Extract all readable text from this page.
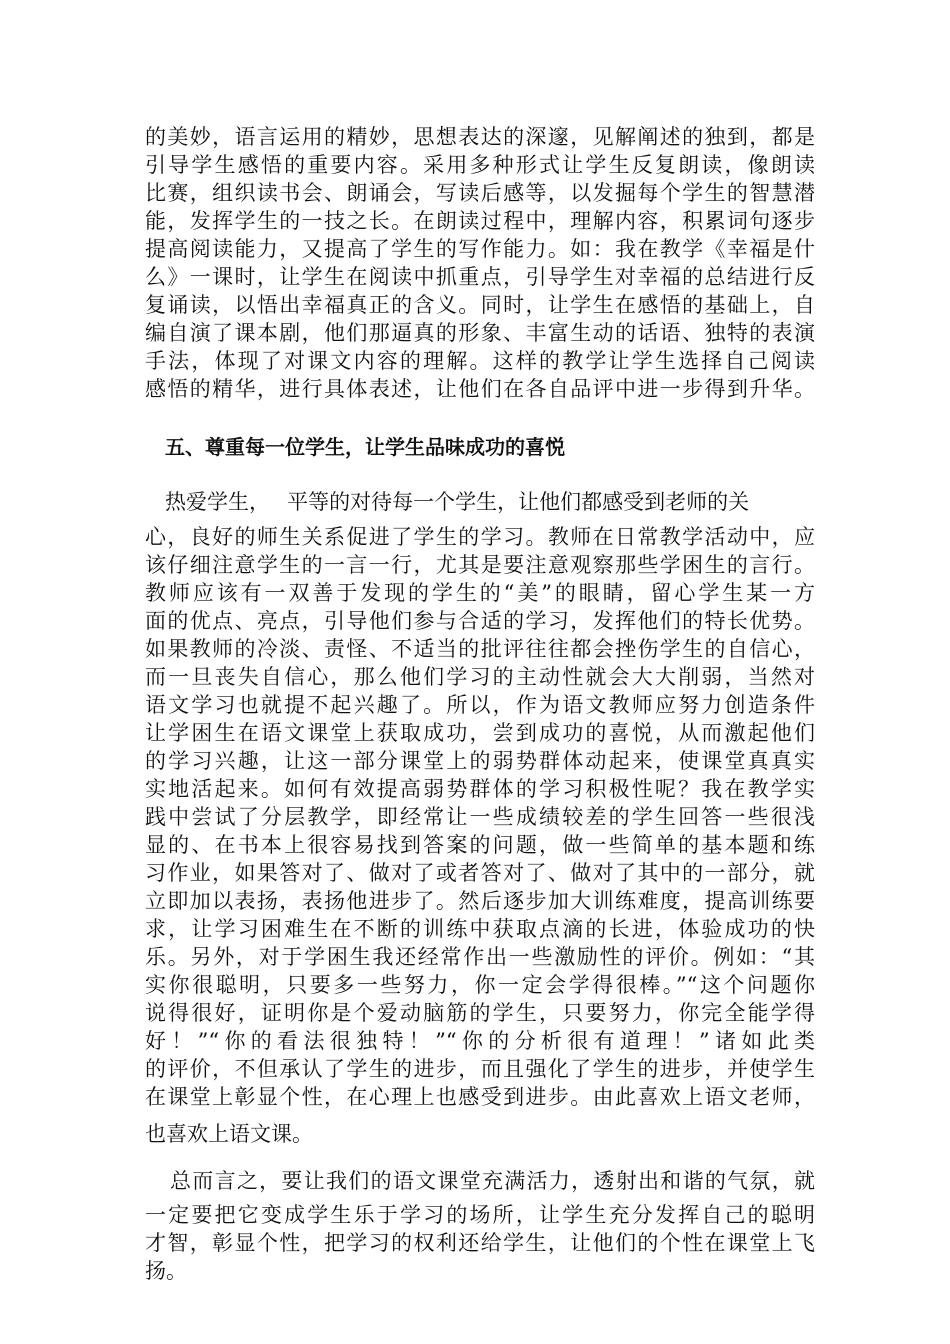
的美妙，语言运用的精妙，思想表达的深邃，见解阐述的独到，都是
引导学生感悟的重要内容。采用多种形式让学生反复朗读，像朗读
比赛，组织读书会、朗诵会，写读后感等，以发掘每个学生的智慧潜
能，发挥学生的一技之长。在朗读过程中，理解内容，积累词句逐步
提高阅读能力，又提高了学生的写作能力。如：我在教学《幸福是什
么》一课时，让学生在阅读中抓重点，引导学生对幸福的总结进行反
复诵读，以悟出幸福真正的含义。同时，让学生在感悟的基础上，自
编自演了课本剧，他们那逼真的形象、丰富生动的话语、独特的表演
手法，体现了对课文内容的理解。这样的教学让学生选择自己阅读
感悟的精华，进行具体表述，让他们在各自品评中进一步得到升华。
五、尊重每一位学生，让学生品味成功的喜悦
热爱学生，　 平等的对待每一个学生，让他们都感受到老师的关
心，良好的师生关系促进了学生的学习。教师在日常教学活动中，应
该仔细注意学生的一言一行，尤其是要注意观察那些学困生的言行。
教师应该有一双善于发现的学生的“美”的眼睛，留心学生某一方
面的优点、亮点，引导他们参与合适的学习，发挥他们的特长优势。
如果教师的冷淡、责怪、不适当的批评往往都会挫伤学生的自信心，
而一旦丧失自信心，那么他们学习的主动性就会大大削弱，当然对
语文学习也就提不起兴趣了。所以，作为语文教师应努力创造条件
让学困生在语文课堂上获取成功，尝到成功的喜悦，从而激起他们
的学习兴趣，让这一部分课堂上的弱势群体动起来，使课堂真真实
实地活起来。如何有效提高弱势群体的学习积极性呢？我在教学实
践中尝试了分层教学，即经常让一些成绩较差的学生回答一些很浅
显的、在书本上很容易找到答案的问题，做一些简单的基本题和练
习作业，如果答对了、做对了或者答对了、做对了其中的一部分，就
立即加以表扬，表扬他进步了。然后逐步加大训练难度，提高训练要
求，让学习困难生在不断的训练中获取点滴的长进，体验成功的快
乐。另外，对于学困生我还经常作出一些激励性的评价。例如：“其
实你很聪明，只要多一些努力，你一定会学得很棒。”“这个问题你
说得很好，证明你是个爱动脑筋的学生，只要努力，你完全能学得
好！”“你的看法很独特！”“你的分析很有道理！”诸如此类
的评价，不但承认了学生的进步，而且强化了学生的进步，并使学生
在课堂上彰显个性，在心理上也感受到进步。由此喜欢上语文老师，
也喜欢上语文课。
总而言之，要让我们的语文课堂充满活力，透射出和谐的气氛，就
一定要把它变成学生乐于学习的场所，让学生充分发挥自己的聪明
才智，彰显个性，把学习的权利还给学生，让他们的个性在课堂上飞
扬。
